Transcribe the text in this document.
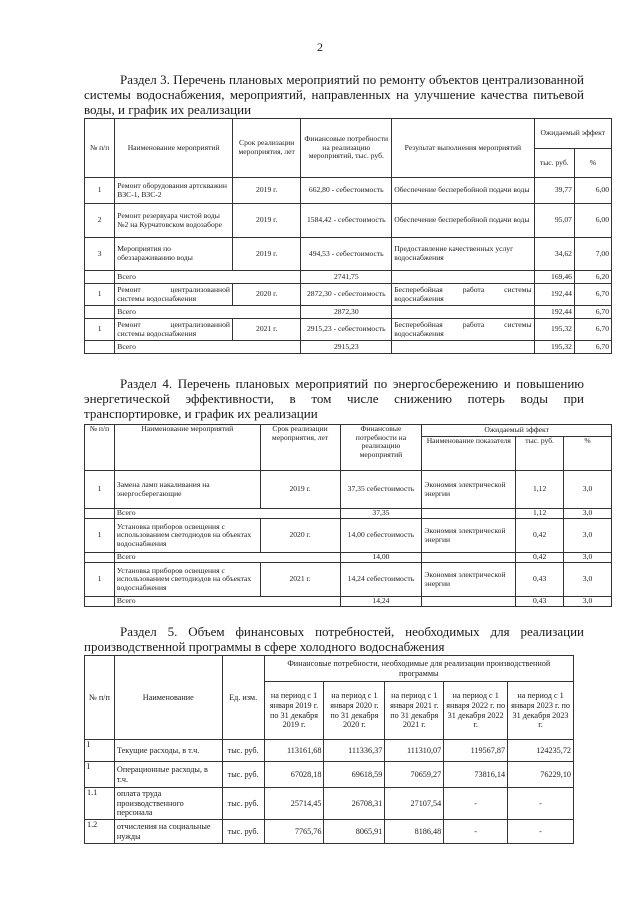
2
Раздел 3. Перечень плановых мероприятий по ремонту объектов централизованной системы водоснабжения, мероприятий, направленных на улучшение качества питьевой воды, и график их реализации
№ п/п	Наименование мероприятий	Срок реализации мероприятия, лет	Финансовые потребности на реализацию мероприятий, тыс. руб.	Результат выполнения мероприятий	Ожидаемый эффект	
					тыс. руб.	%
1	Ремонт оборудования артскважин ВЗС-1, ВЗС-2	2019 г.	662,80 - себестоимость	Обеспечение бесперебойной подачи воды	39,77	6,00
2	Ремонт резервуара чистой воды №2 на Курчатовском водозаборе	2019 г.	1584,42 - себестоимость	Обеспечение бесперебойной подачи воды	95,07	6,00
3	Мероприятия по обеззараживанию воды	2019 г.	494,53 - себестоимость	Предоставление качественных услуг водоснабжения	34,62	7,00
	Всего		2741,75		169,46	6,20
1	Ремонт централизованной системы водоснабжения	2020 г.	2872,30 - себестоимость	Бесперебойная работа системы водоснабжения	192,44	6,70
	Всего		2872,30		192,44	6,70
1	Ремонт централизованной системы водоснабжения	2021 г.	2915,23 - себестоимость	Бесперебойная работа системы водоснабжения	195,32	6,70
	Всего		2915,23		195,32	6,70
Раздел 4. Перечень плановых мероприятий по энергосбережению и повышению энергетической эффективности, в том числе снижению потерь воды при транспортировке, и график их реализации
№ п/п	Наименование мероприятий	Срок реализации мероприятия, лет	Финансовые потребности на реализацию мероприятий	Ожидаемый эффект		
				Наименование показателя	тыс. руб.	%
1	Замена ламп накаливания на энергосберегающие	2019 г.	37,35 себестоимость	Экономия электрической энергии	1,12	3,0
	Всего		37,35		1,12	3,0
1	Установка приборов освещения с использованием светодиодов на объектах водоснабжения	2020 г.	14,00 себестоимость	Экономия электрической энергии	0,42	3,0
	Всего		14,00		0,42	3,0
1	Установка приборов освещения с использованием светодиодов на объектах водоснабжения	2021 г.	14,24 себестоимость	Экономия электрической энергии	0,43	3,0
	Всего		14,24		0,43	3,0
Раздел 5. Объем финансовых потребностей, необходимых для реализации производственной программы в сфере холодного водоснабжения
№ п/п	Наименование	Ед. изм.	Финансовые потребности, необходимые для реализации производственной программы				
			на период с 1 января 2019 г. по 31 декабря 2019 г.	на период с 1 января 2020 г. по 31 декабря 2020 г.	на период с 1 января 2021 г. по 31 декабря 2021 г.	на период с 1 января 2022 г. по 31 декабря 2022 г.	на период с 1 января 2023 г. по 31 декабря 2023 г.
I	Текущие расходы, в т.ч.	тыс. руб.	113161,68	111336,37	111310,07	119567,87	124235,72
I	Операционные расходы, в т.ч.	тыс. руб.	67028,18	69618,59	70659,27	73816,14	76229,10
1.1	оплата труда производственного персонала	тыс. руб.	25714,45	26708,31	27107,54	-	-
1.2	отчисления на социальные нужды	тыс. руб.	7765,76	8065,91	8186,48	-	-
